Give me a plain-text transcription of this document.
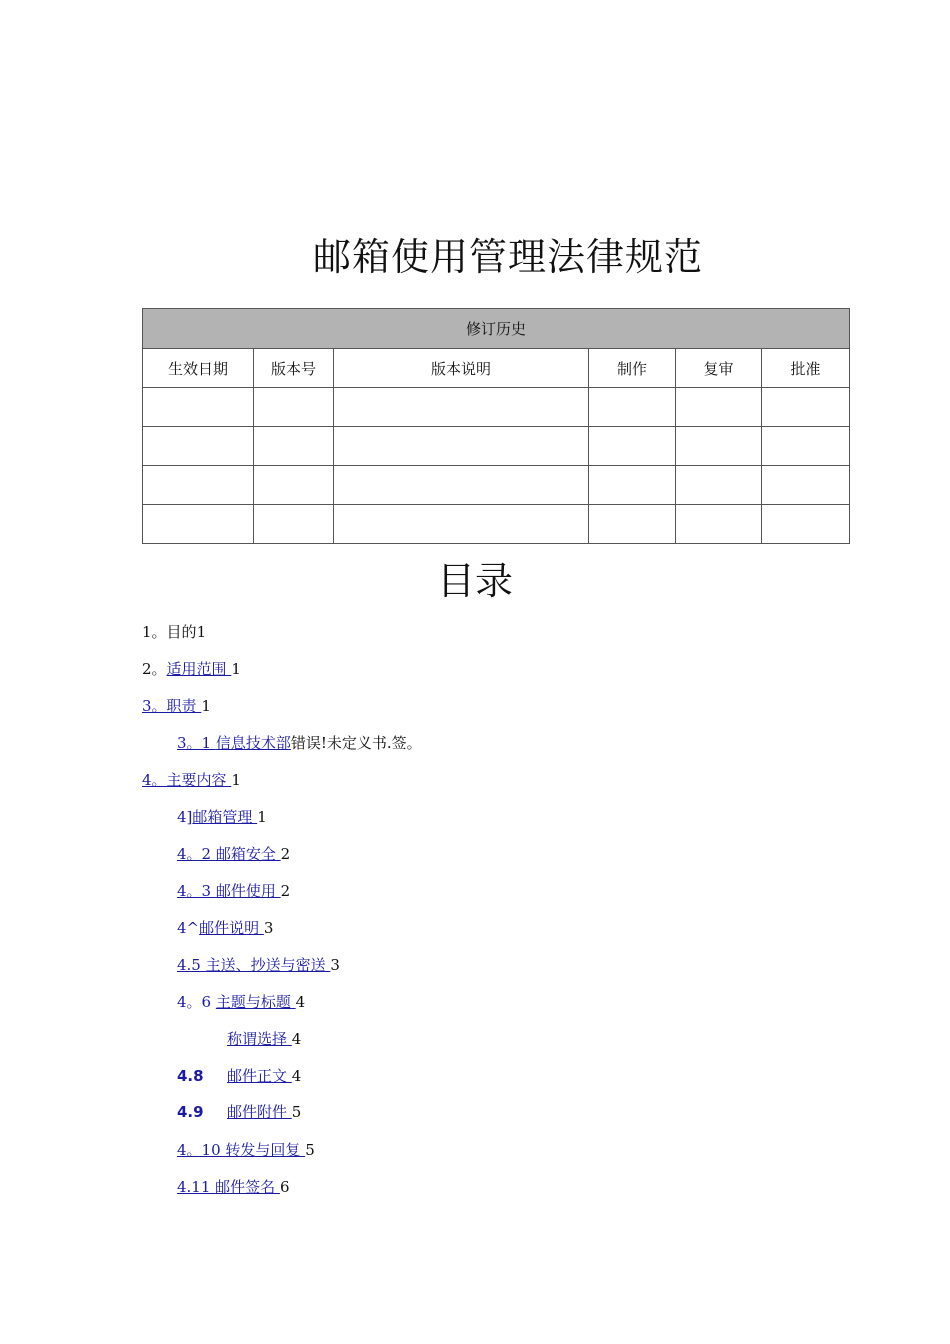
邮箱使用管理法律规范
修订历史					
生效日期	版本号	版本说明	制作	复审	批准

目录
1。目的1
2。适用范围 1
3。职责 1
3。1 信息技术部错误!未定义书.签。
4。主要内容 1
4]邮箱管理 1
4。2 邮箱安全 2
4。3 邮件使用 2
4^邮件说明 3
4.5 主送、抄送与密送 3
4。6 主题与标题 4
称谓选择 4
4.8 邮件正文 4
4.9 邮件附件 5
4。10 转发与回复 5
4.11 邮件签名 6
